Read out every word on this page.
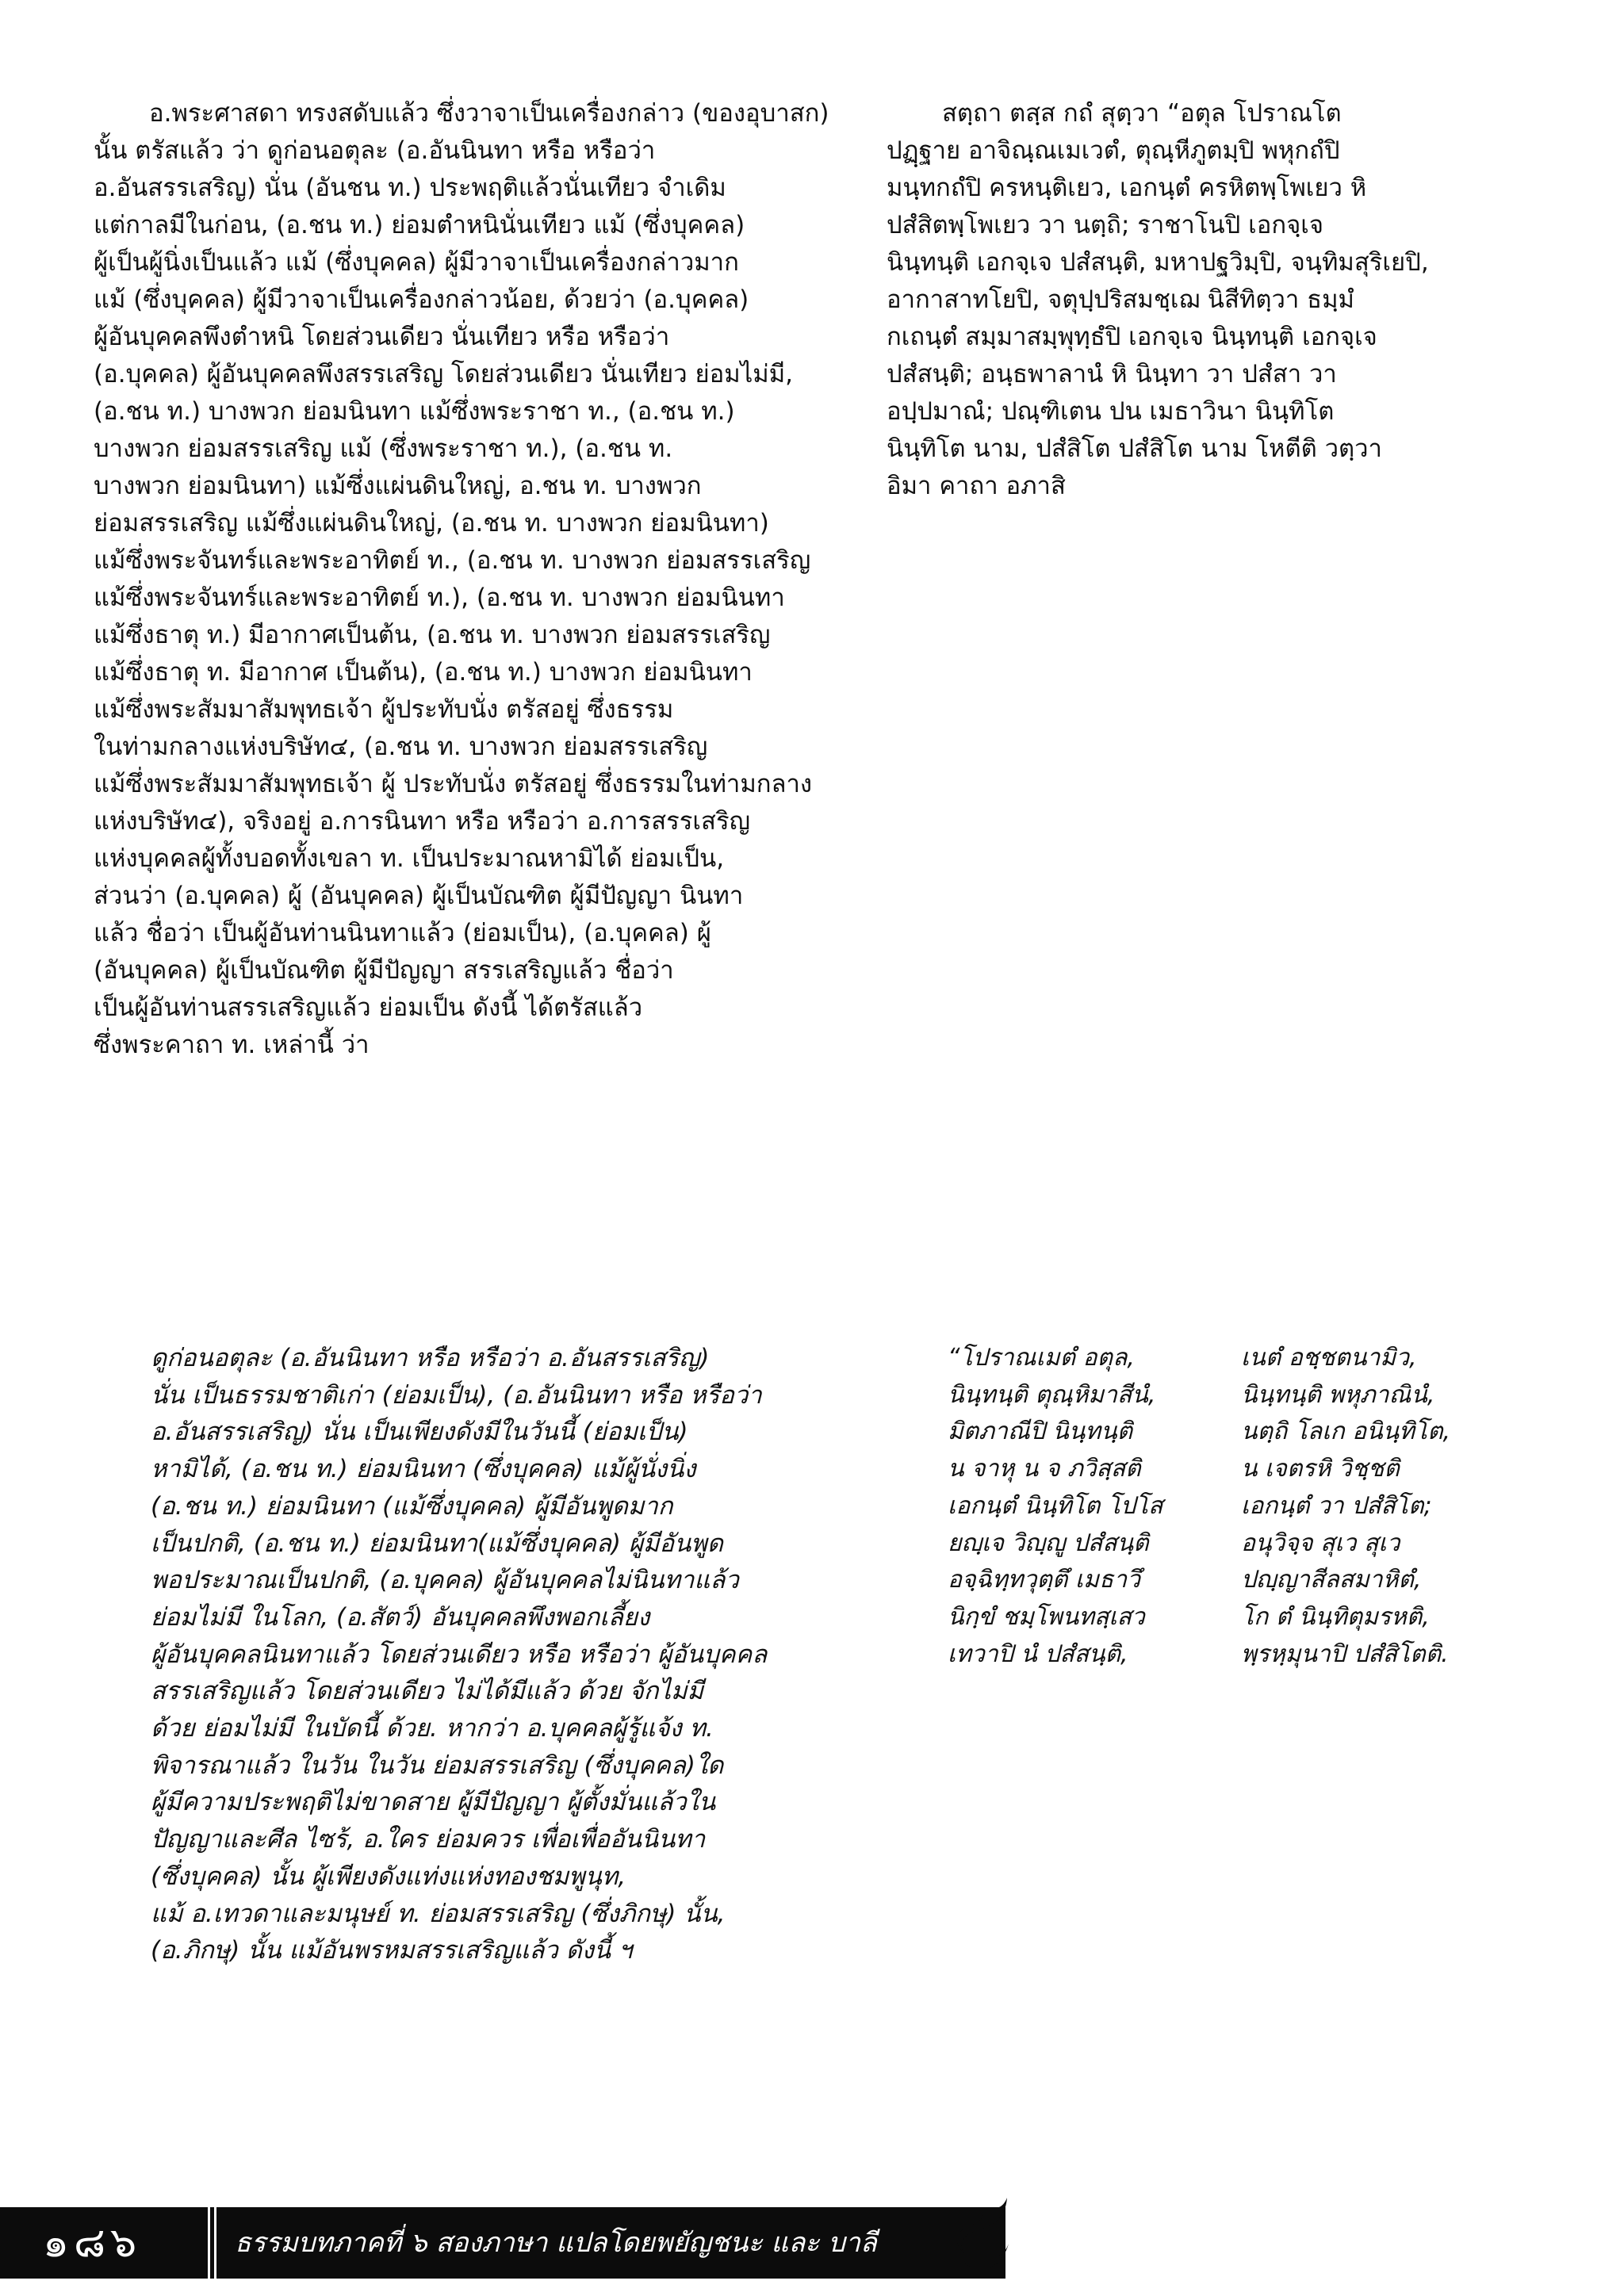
อ.พระศาสดา ทรงสดับแล้ว ซึ่งวาจาเป็นเครื่องกล่าว (ของอุบาสก)
นั้น ตรัสแล้ว ว่า ดูก่อนอตุละ (อ.อันนินทา หรือ หรือว่า
อ.อันสรรเสริญ) นั่น (อันชน ท.) ประพฤติแล้วนั่นเทียว จำเดิม
แต่กาลมีในก่อน, (อ.ชน ท.) ย่อมตำหนินั่นเทียว แม้ (ซึ่งบุคคล)
ผู้เป็นผู้นิ่งเป็นแล้ว แม้ (ซึ่งบุคคล) ผู้มีวาจาเป็นเครื่องกล่าวมาก
แม้ (ซึ่งบุคคล) ผู้มีวาจาเป็นเครื่องกล่าวน้อย, ด้วยว่า (อ.บุคคล)
ผู้อันบุคคลพึงตำหนิ โดยส่วนเดียว นั่นเทียว หรือ หรือว่า
(อ.บุคคล) ผู้อันบุคคลพึงสรรเสริญ โดยส่วนเดียว นั่นเทียว ย่อมไม่มี,
(อ.ชน ท.) บางพวก ย่อมนินทา แม้ซึ่งพระราชา ท., (อ.ชน ท.)
บางพวก ย่อมสรรเสริญ แม้ (ซึ่งพระราชา ท.), (อ.ชน ท.
บางพวก ย่อมนินทา) แม้ซึ่งแผ่นดินใหญ่, อ.ชน ท. บางพวก
ย่อมสรรเสริญ แม้ซึ่งแผ่นดินใหญ่, (อ.ชน ท. บางพวก ย่อมนินทา)
แม้ซึ่งพระจันทร์และพระอาทิตย์ ท., (อ.ชน ท. บางพวก ย่อมสรรเสริญ
แม้ซึ่งพระจันทร์และพระอาทิตย์ ท.), (อ.ชน ท. บางพวก ย่อมนินทา
แม้ซึ่งธาตุ ท.) มีอากาศเป็นต้น, (อ.ชน ท. บางพวก ย่อมสรรเสริญ
แม้ซึ่งธาตุ ท. มีอากาศ เป็นต้น), (อ.ชน ท.) บางพวก ย่อมนินทา
แม้ซึ่งพระสัมมาสัมพุทธเจ้า ผู้ประทับนั่ง ตรัสอยู่ ซึ่งธรรม
ในท่ามกลางแห่งบริษัท๔, (อ.ชน ท. บางพวก ย่อมสรรเสริญ
แม้ซึ่งพระสัมมาสัมพุทธเจ้า ผู้ ประทับนั่ง ตรัสอยู่ ซึ่งธรรมในท่ามกลาง
แห่งบริษัท๔), จริงอยู่ อ.การนินทา หรือ หรือว่า อ.การสรรเสริญ
แห่งบุคคลผู้ทั้งบอดทั้งเขลา ท. เป็นประมาณหามิได้ ย่อมเป็น,
ส่วนว่า (อ.บุคคล) ผู้ (อันบุคคล) ผู้เป็นบัณฑิต ผู้มีปัญญา นินทา
แล้ว ชื่อว่า เป็นผู้อันท่านนินทาแล้ว (ย่อมเป็น), (อ.บุคคล) ผู้
(อันบุคคล) ผู้เป็นบัณฑิต ผู้มีปัญญา สรรเสริญแล้ว ชื่อว่า
เป็นผู้อันท่านสรรเสริญแล้ว ย่อมเป็น ดังนี้ ได้ตรัสแล้ว
ซึ่งพระคาถา ท. เหล่านี้ ว่า
สตฺถา ตสฺส กถํ สุตฺวา “อตุล โปราณโต
ปฏฺฐาย อาจิณฺณเมเวตํ, ตุณฺหีภูตมฺปิ พหุกถํปิ
มนฺทกถํปิ ครหนฺติเยว, เอกนฺตํ ครหิตพฺโพเยว หิ
ปสํสิตพฺโพเยว วา นตฺถิ; ราชาโนปิ เอกจฺเจ
นินฺทนฺติ เอกจฺเจ ปสํสนฺติ, มหาปฐวิมฺปิ, จนฺทิมสุริเยปิ,
อากาสาทโยปิ, จตุปฺปริสมชฺเฌ นิสีทิตฺวา ธมฺมํ
กเถนฺตํ สมฺมาสมฺพุทฺธํปิ เอกจฺเจ นินฺทนฺติ เอกจฺเจ
ปสํสนฺติ; อนฺธพาลานํ หิ นินฺทา วา ปสํสา วา
อปฺปมาณํ; ปณฺฑิเตน ปน เมธาวินา นินฺทิโต
นินฺทิโต นาม, ปสํสิโต ปสํสิโต นาม โหตีติ วตฺวา
อิมา คาถา อภาสิ
ดูก่อนอตุละ (อ.อันนินทา หรือ หรือว่า อ.อันสรรเสริญ)
นั่น เป็นธรรมชาติเก่า (ย่อมเป็น), (อ.อันนินทา หรือ หรือว่า
อ.อันสรรเสริญ) นั่น เป็นเพียงดังมีในวันนี้ (ย่อมเป็น)
หามิได้, (อ.ชน ท.) ย่อมนินทา (ซึ่งบุคคล) แม้ผู้นั่งนิ่ง
(อ.ชน ท.) ย่อมนินทา (แม้ซึ่งบุคคล) ผู้มีอันพูดมาก
เป็นปกติ, (อ.ชน ท.) ย่อมนินทา(แม้ซึ่งบุคคล) ผู้มีอันพูด
พอประมาณเป็นปกติ, (อ.บุคคล) ผู้อันบุคคลไม่นินทาแล้ว
ย่อมไม่มี ในโลก, (อ.สัตว์) อันบุคคลพึงพอกเลี้ยง
ผู้อันบุคคลนินทาแล้ว โดยส่วนเดียว หรือ หรือว่า ผู้อันบุคคล
สรรเสริญแล้ว โดยส่วนเดียว ไม่ได้มีแล้ว ด้วย จักไม่มี
ด้วย ย่อมไม่มี ในบัดนี้ ด้วย. หากว่า อ.บุคคลผู้รู้แจ้ง ท.
พิจารณาแล้ว ในวัน ในวัน ย่อมสรรเสริญ (ซึ่งบุคคล)ใด
ผู้มีความประพฤติไม่ขาดสาย ผู้มีปัญญา ผู้ตั้งมั่นแล้วใน
ปัญญาและศีล ไซร้, อ.ใคร ย่อมควร เพื่อเพื่ออันนินทา
(ซึ่งบุคคล) นั้น ผู้เพียงดังแท่งแห่งทองชมพูนุท,
แม้ อ.เทวดาและมนุษย์ ท. ย่อมสรรเสริญ (ซึ่งภิกษุ) นั้น,
(อ.ภิกษุ) นั้น แม้อันพรหมสรรเสริญแล้ว ดังนี้ ฯ
“โปราณเมตํ อตุล,	เนตํ อชฺชตนามิว,
นินฺทนฺติ ตุณฺหิมาสีนํ,	นินฺทนฺติ พหุภาณินํ,
มิตภาณีปิ นินฺทนฺติ	นตฺถิ โลเก อนินฺทิโต,
น จาหุ น จ ภวิสฺสติ	น เจตรหิ วิชฺชติ
เอกนฺตํ นินฺทิโต โปโส	เอกนฺตํ วา ปสํสิโต;
ยญฺเจ วิญฺญู ปสํสนฺติ	อนุวิจฺจ สุเว สุเว
อจฺฉิทฺทวุตฺตึ เมธาวึ	ปญฺญาสีลสมาหิตํ,
นิกฺขํ ชมฺโพนทสฺเสว	โก ตํ นินฺทิตุมรหติ,
เทวาปิ นํ ปสํสนฺติ,	พฺรหฺมุนาปิ ปสํสิโตติ.
๑๘๖	ธรรมบทภาคที่ ๖ สองภาษา แปลโดยพยัญชนะ และ บาลี
